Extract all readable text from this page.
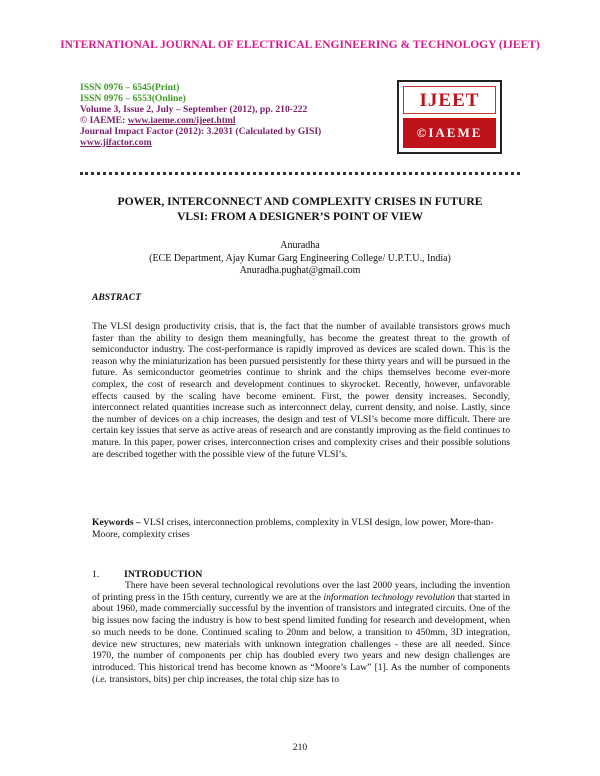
INTERNATIONAL JOURNAL OF ELECTRICAL ENGINEERING & TECHNOLOGY (IJEET)
ISSN 0976 – 6545(Print)
ISSN 0976 – 6553(Online)
Volume 3, Issue 2, July – September (2012), pp. 210-222
© IAEME: www.iaeme.com/ijeet.html
Journal Impact Factor (2012): 3.2031 (Calculated by GISI)
www.jifactor.com
IJEET
©IAEME
POWER, INTERCONNECT AND COMPLEXITY CRISES IN FUTURE
VLSI: FROM A DESIGNER’S POINT OF VIEW
Anuradha
(ECE Department, Ajay Kumar Garg Engineering College/ U.P.T.U., India)
Anuradha.pughat@gmail.com
ABSTRACT
The VLSI design productivity crisis, that is, the fact that the number of available transistors grows much faster than the ability to design them meaningfully, has become the greatest threat to the growth of semiconductor industry. The cost-performance is rapidly improved as devices are scaled down. This is the reason why the miniaturization has been pursued persistently for these thirty years and will be pursued in the future. As semiconductor geometries continue to shrink and the chips themselves become ever-more complex, the cost of research and development continues to skyrocket. Recently, however, unfavorable effects caused by the scaling have become eminent. First, the power density increases. Secondly, interconnect related quantities increase such as interconnect delay, current density, and noise. Lastly, since the number of devices on a chip increases, the design and test of VLSI’s become more difficult. There are certain key issues that serve as active areas of research and are constantly improving as the field continues to mature. In this paper, power crises, interconnection crises and complexity crises and their possible solutions are described together with the possible view of the future VLSI’s.
Keywords – VLSI crises, interconnection problems, complexity in VLSI design, low power, More-than-Moore, complexity crises
1.	INTRODUCTION
There have been several technological revolutions over the last 2000 years, including the invention of printing press in the 15th century, currently we are at the information technology revolution that started in about 1960, made commercially successful by the invention of transistors and integrated circuits. One of the big issues now facing the industry is how to best spend limited funding for research and development, when so much needs to be done. Continued scaling to 20nm and below, a transition to 450mm, 3D integration, device new structures, new materials with unknown integration challenges - these are all needed. Since 1970, the number of components per chip has doubled every two years and new design challenges are introduced. This historical trend has become known as “Moore’s Law” [1]. As the number of components (i.e. transistors, bits) per chip increases, the total chip size has to
210
